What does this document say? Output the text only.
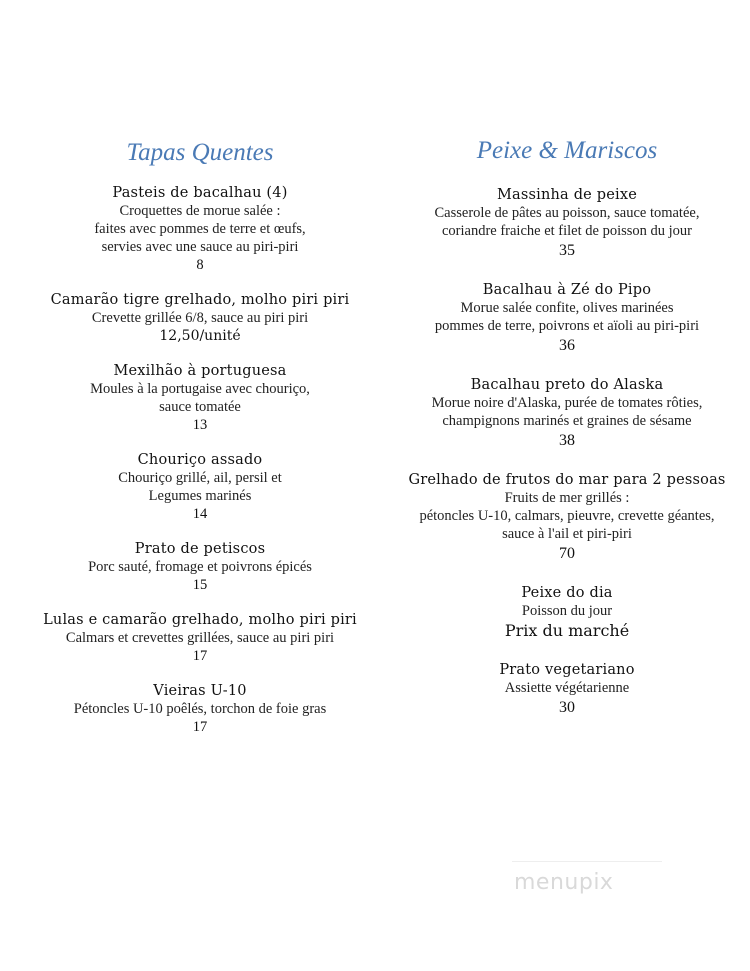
Tapas Quentes
Pasteis de bacalhau (4)
Croquettes de morue salée :
faites avec pommes de terre et œufs,
servies avec une sauce au piri-piri
8
Camarão tigre grelhado, molho piri piri
Crevette grillée 6/8, sauce au piri piri
12,50/unité
Mexilhão à portuguesa
Moules à la portugaise avec chouriço,
sauce tomatée
13
Chouriço assado
Chouriço grillé, ail, persil et
Legumes marinés
14
Prato de petiscos
Porc sauté, fromage et poivrons épicés
15
Lulas e camarão grelhado, molho piri piri
Calmars et crevettes grillées, sauce au piri piri
17
Vieiras U-10
Pétoncles U-10 poêlés, torchon de foie gras
17
Peixe & Mariscos
Massinha de peixe
Casserole de pâtes au poisson, sauce tomatée,
coriandre fraiche et filet de poisson du jour
35
Bacalhau à Zé do Pipo
Morue salée confite, olives marinées
pommes de terre, poivrons et aïoli au piri-piri
36
Bacalhau preto do Alaska
Morue noire d'Alaska, purée de tomates rôties,
champignons marinés et graines de sésame
38
Grelhado de frutos do mar para 2 pessoas
Fruits de mer grillés :
pétoncles U-10, calmars, pieuvre, crevette géantes,
sauce à l'ail et piri-piri
70
Peixe do dia
Poisson du jour
Prix du marché
Prato vegetariano
Assiette végétarienne
30
menupix
